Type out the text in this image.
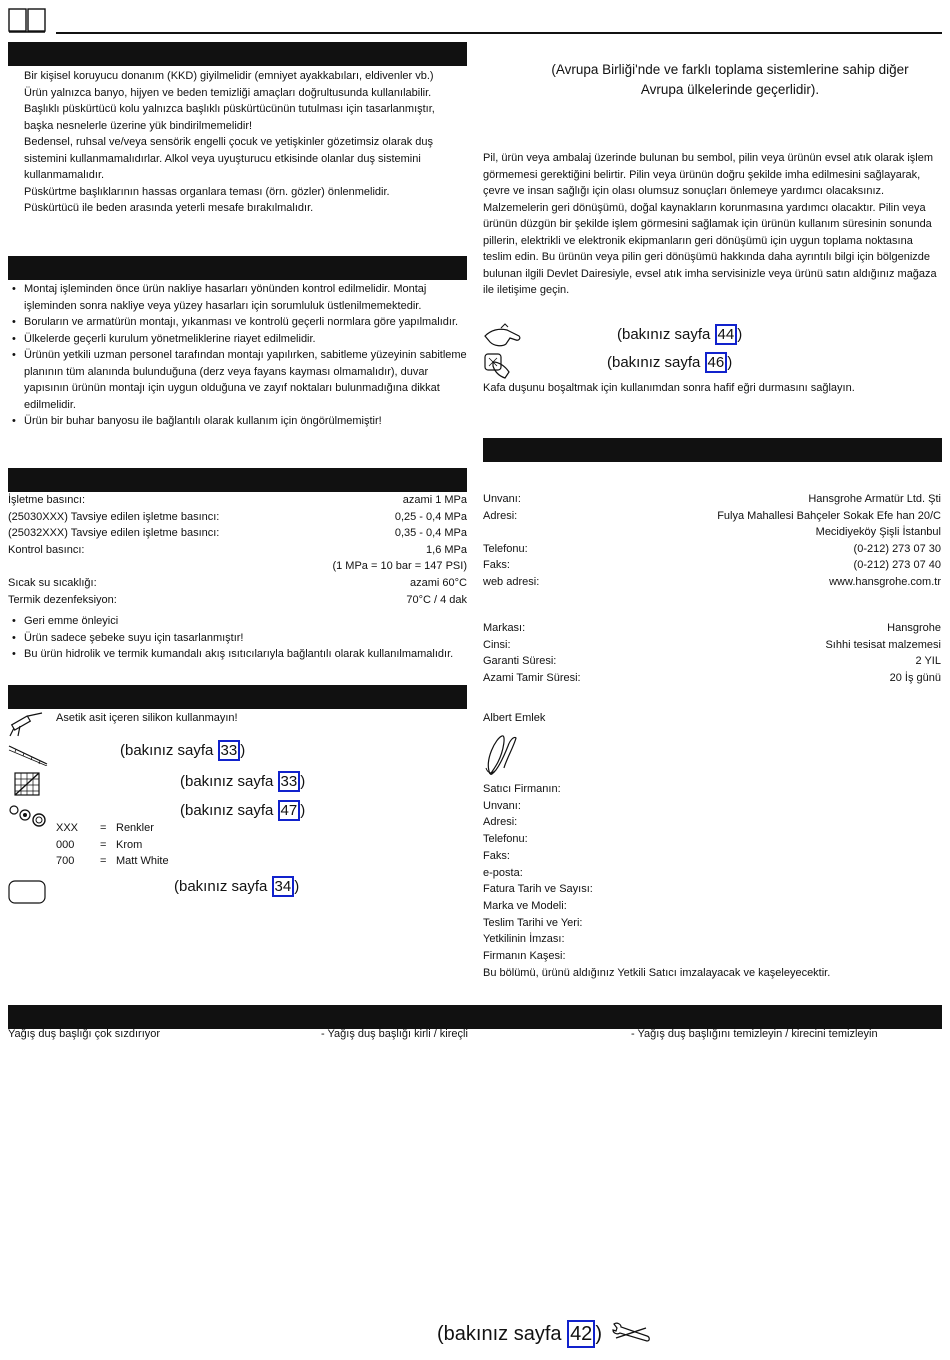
Bir kişisel koruyucu donanım (KKD) giyilmelidir (emniyet ayakkabıları, eldivenler vb.)

Ürün yalnızca banyo, hijyen ve beden temizliği amaçları doğrultusunda kullanılabilir.

Başlıklı püskürtücü kolu yalnızca başlıklı püskürtücünün tutulması için tasarlanmıştır, başka nesnelerle üzerine yük bindirilmemelidir!

Bedensel, ruhsal ve/veya sensörik engelli çocuk ve yetişkinler gözetimsiz olarak duş sistemini kullanmamalıdırlar. Alkol veya uyuşturucu etkisinde olanlar duş sistemini kullanmamalıdır.

Püskürtme başlıklarının hassas organlara teması (örn. gözler) önlenmelidir.

Püskürtücü ile beden arasında yeterli mesafe bırakılmalıdır.

• Montaj işleminden önce ürün nakliye hasarları yönünden kontrol edilmelidir. Montaj işleminden sonra nakliye veya yüzey hasarları için sorumluluk üstlenilmemektedir.
• Boruların ve armatürün montajı, yıkanması ve kontrolü geçerli normlara göre yapılmalıdır.
• Ülkelerde geçerli kurulum yönetmeliklerine riayet edilmelidir.
• Ürünün yetkili uzman personel tarafından montajı yapılırken, sabitleme yüzeyinin sabitleme planının tüm alanında bulunduğuna (derz veya fayans kayması olmamalıdır), duvar yapısının ürünün montajı için uygun olduğuna ve zayıf noktaları bulunmadığına dikkat edilmelidir.
• Ürün bir buhar banyosu ile bağlantılı olarak kullanım için öngörülmemiştir!
İşletme basıncı:	azami 1 MPa
(25030XXX) Tavsiye edilen işletme basıncı:	0,25 - 0,4 MPa
(25032XXX) Tavsiye edilen işletme basıncı:	0,35 - 0,4 MPa
Kontrol basıncı:	1,6 MPa
(1 MPa = 10 bar = 147 PSI)
Sıcak su sıcaklığı:	azami 60°C
Termik dezenfeksiyon:	70°C / 4 dak
• Geri emme önleyici
• Ürün sadece şebeke suyu için tasarlanmıştır!
• Bu ürün hidrolik ve termik kumandalı akış ısıtıcılarıyla bağlantılı olarak kullanılmamalıdır.
Asetik asit içeren silikon kullanmayın!
(bakınız sayfa 33 )
(bakınız sayfa 33 )
(bakınız sayfa 47 )
XXX	= Renkler
000	= Krom
700	= Matt White
(bakınız sayfa 34 )
(Avrupa Birliği'nde ve farklı toplama sistemlerine sahip diğer Avrupa ülkelerinde geçerlidir).
Pil, ürün veya ambalaj üzerinde bulunan bu sembol, pilin veya ürünün evsel atık olarak işlem görmemesi gerektiğini belirtir. Pilin veya ürünün doğru şekilde imha edilmesini sağlayarak, çevre ve insan sağlığı için olası olumsuz sonuçları önlemeye yardımcı olacaksınız. Malzemelerin geri dönüşümü, doğal kaynakların korunmasına yardımcı olacaktır. Pilin veya ürünün düzgün bir şekilde işlem görmesini sağlamak için ürünün kullanım süresinin sonunda pillerin, elektrikli ve elektronik ekipmanların geri dönüşümü için uygun toplama noktasına teslim edin. Bu ürünün veya pilin geri dönüşümü hakkında daha ayrıntılı bilgi için bölgenizde bulunan ilgili Devlet Dairesiyle, evsel atık imha servisinizle veya ürünü satın aldığınız mağaza ile iletişime geçin.
(bakınız sayfa 44 )
(bakınız sayfa 46 )
Kafa duşunu boşaltmak için kullanımdan sonra hafif eğri durmasını sağlayın.
Unvanı:	Hansgrohe Armatür Ltd. Şti
Adresi:	Fulya Mahallesi Bahçeler Sokak Efe han 20/C
Mecidiyeköy Şişli İstanbul
Telefonu:	(0-212) 273 07 30
Faks:	(0-212) 273 07 40
web adresi:	www.hansgrohe.com.tr
Markası:	Hansgrohe
Cinsi:	Sıhhi tesisat malzemesi
Garanti Süresi:	2 YIL
Azami Tamir Süresi:	20 İş günü
Albert Emlek
Satıcı Firmanın:
Unvanı:
Adresi:
Telefonu:
Faks:
e-posta:
Fatura Tarih ve Sayısı:
Marka ve Modeli:
Teslim Tarihi ve Yeri:
Yetkilinin İmzası:
Firmanın Kaşesi:
Bu bölümü, ürünü aldığınız Yetkili Satıcı imzalayacak ve kaşeleyecektir.
Yağış duş başlığı çok sızdırıyor	- Yağış duş başlığı kirli / kireçli	- Yağış duş başlığını temizleyin / kirecini temizleyin
(bakınız sayfa 42 )
